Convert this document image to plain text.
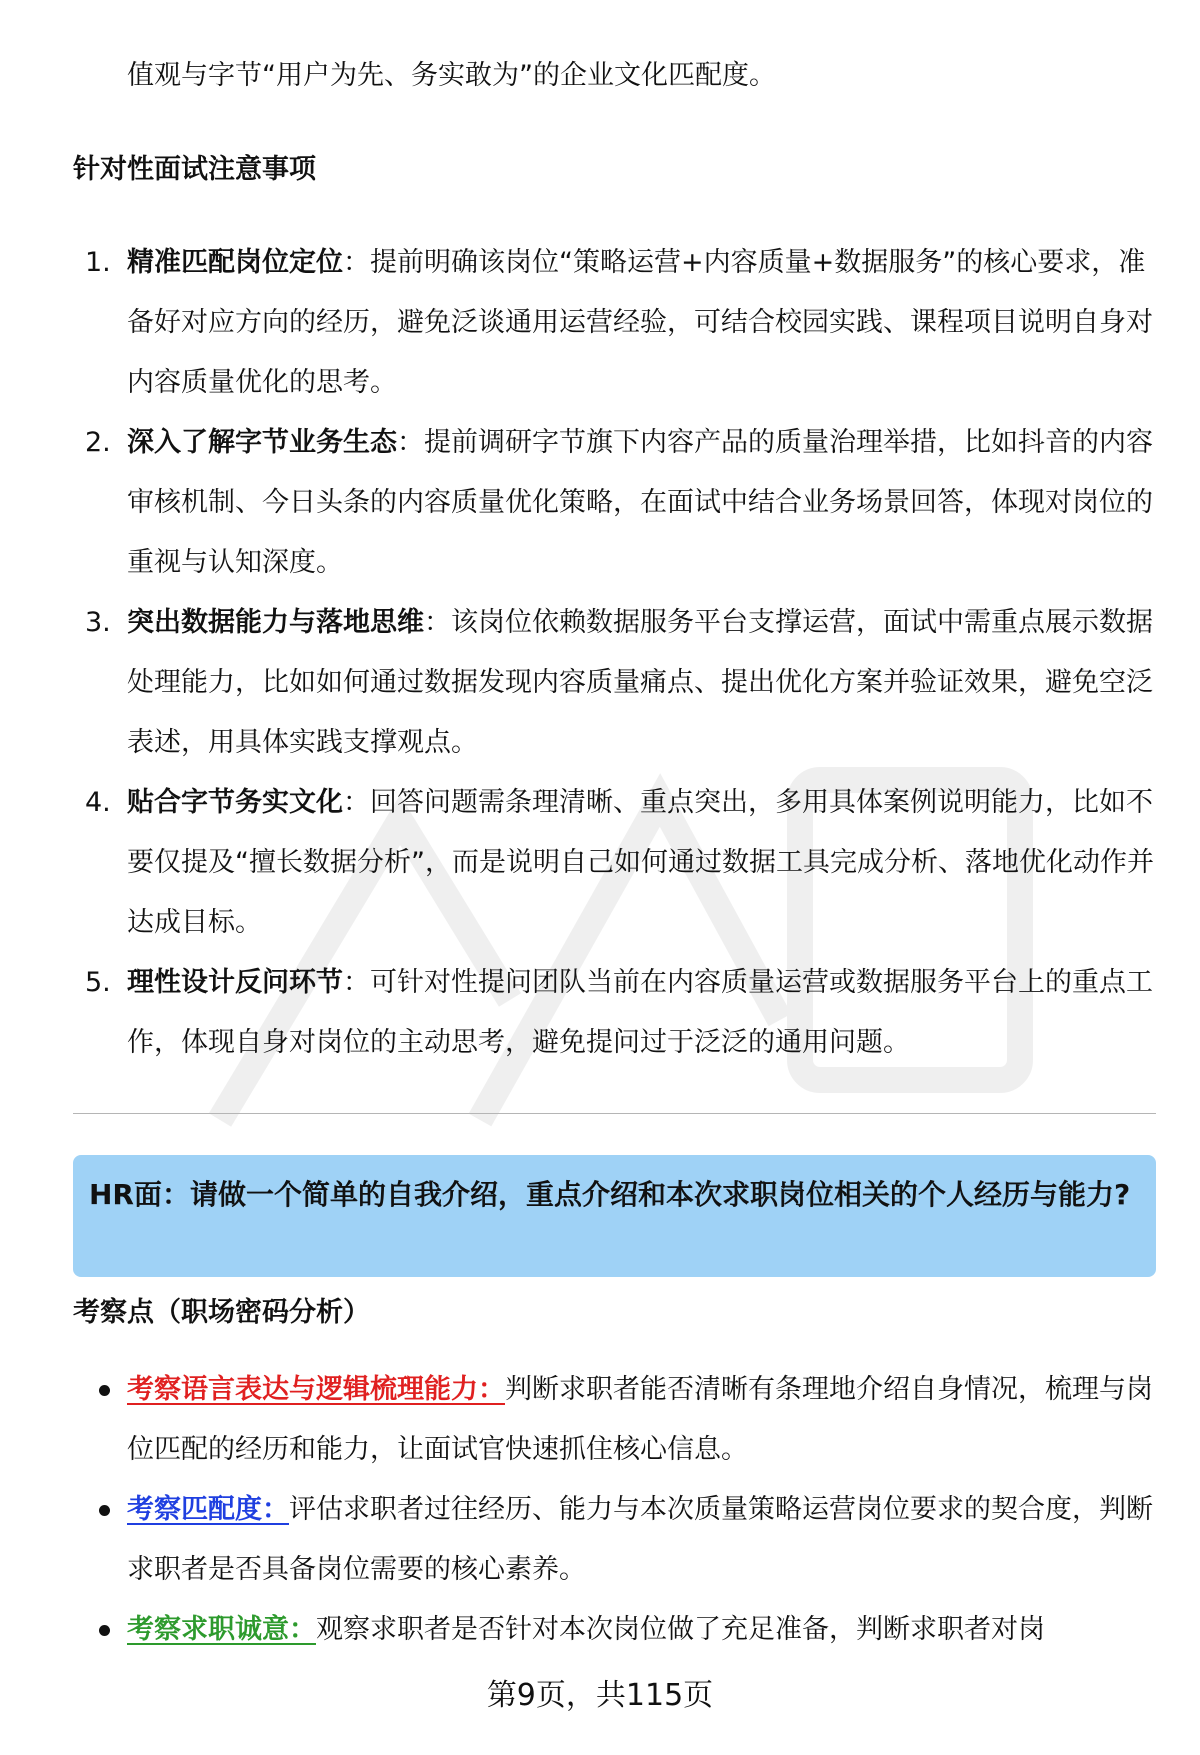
值观与字节“用户为先、务实敢为”的企业文化匹配度。
针对性面试注意事项
1. 精准匹配岗位定位：提前明确该岗位“策略运营+内容质量+数据服务”的核心要求，准备好对应方向的经历，避免泛谈通用运营经验，可结合校园实践、课程项目说明自身对内容质量优化的思考。
2. 深入了解字节业务生态：提前调研字节旗下内容产品的质量治理举措，比如抖音的内容审核机制、今日头条的内容质量优化策略，在面试中结合业务场景回答，体现对岗位的重视与认知深度。
3. 突出数据能力与落地思维：该岗位依赖数据服务平台支撑运营，面试中需重点展示数据处理能力，比如如何通过数据发现内容质量痛点、提出优化方案并验证效果，避免空泛表述，用具体实践支撑观点。
4. 贴合字节务实文化：回答问题需条理清晰、重点突出，多用具体案例说明能力，比如不要仅提及“擅长数据分析”，而是说明自己如何通过数据工具完成分析、落地优化动作并达成目标。
5. 理性设计反问环节：可针对性提问团队当前在内容质量运营或数据服务平台上的重点工作，体现自身对岗位的主动思考，避免提问过于泛泛的通用问题。
HR面：请做一个简单的自我介绍，重点介绍和本次求职岗位相关的个人经历与能力?
考察点（职场密码分析）
考察语言表达与逻辑梳理能力：判断求职者能否清晰有条理地介绍自身情况，梳理与岗位匹配的经历和能力，让面试官快速抓住核心信息。
考察匹配度：评估求职者过往经历、能力与本次质量策略运营岗位要求的契合度，判断求职者是否具备岗位需要的核心素养。
考察求职诚意：观察求职者是否针对本次岗位做了充足准备，判断求职者对岗
第9页，共115页
